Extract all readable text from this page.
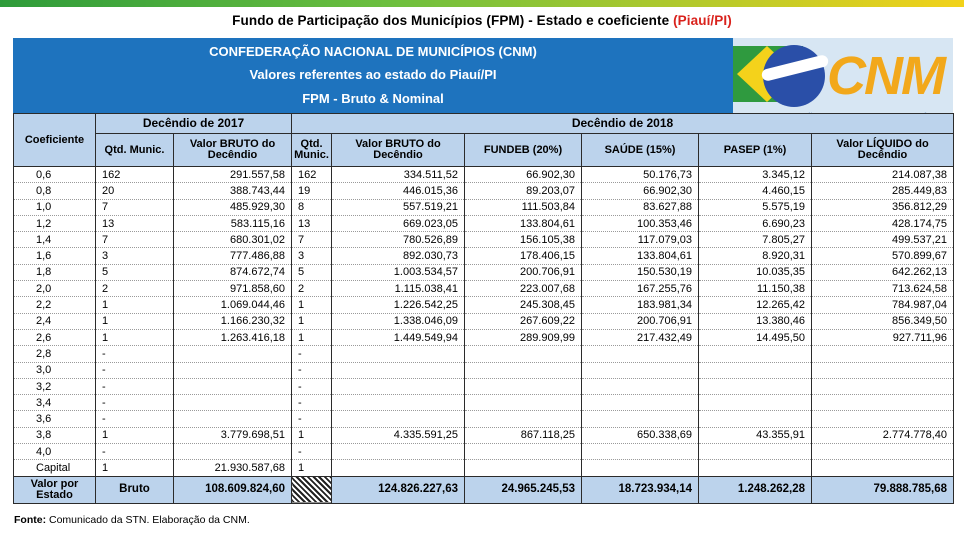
Fundo de Participação dos Municípios (FPM) - Estado e coeficiente (Piauí/PI)
CONFEDERAÇÃO NACIONAL DE MUNICÍPIOS (CNM)
Valores referentes ao estado do Piauí/PI
FPM - Bruto & Nominal	CNM
Coeficiente	Decêndio de 2017		Decêndio de 2018					
	Qtd. Munic.	Valor BRUTO do Decêndio	Qtd. Munic.	Valor BRUTO do Decêndio	FUNDEB (20%)	SAÚDE (15%)	PASEP (1%)	Valor LÍQUIDO do Decêndio
0,6	162	291.557,58	162	334.511,52	66.902,30	50.176,73	3.345,12	214.087,38
0,8	20	388.743,44	19	446.015,36	89.203,07	66.902,30	4.460,15	285.449,83
1,0	7	485.929,30	8	557.519,21	111.503,84	83.627,88	5.575,19	356.812,29
1,2	13	583.115,16	13	669.023,05	133.804,61	100.353,46	6.690,23	428.174,75
1,4	7	680.301,02	7	780.526,89	156.105,38	117.079,03	7.805,27	499.537,21
1,6	3	777.486,88	3	892.030,73	178.406,15	133.804,61	8.920,31	570.899,67
1,8	5	874.672,74	5	1.003.534,57	200.706,91	150.530,19	10.035,35	642.262,13
2,0	2	971.858,60	2	1.115.038,41	223.007,68	167.255,76	11.150,38	713.624,58
2,2	1	1.069.044,46	1	1.226.542,25	245.308,45	183.981,34	12.265,42	784.987,04
2,4	1	1.166.230,32	1	1.338.046,09	267.609,22	200.706,91	13.380,46	856.349,50
2,6	1	1.263.416,18	1	1.449.549,94	289.909,99	217.432,49	14.495,50	927.711,96
2,8	-		-					
3,0	-		-					
3,2	-		-					
3,4	-		-					
3,6	-		-					
3,8	1	3.779.698,51	1	4.335.591,25	867.118,25	650.338,69	43.355,91	2.774.778,40
4,0	-		-					
Capital	1	21.930.587,68	1					
Valor por Estado	Bruto	108.609.824,60		124.826.227,63	24.965.245,53	18.723.934,14	1.248.262,28	79.888.785,68
Fonte: Comunicado da STN. Elaboração da CNM.
